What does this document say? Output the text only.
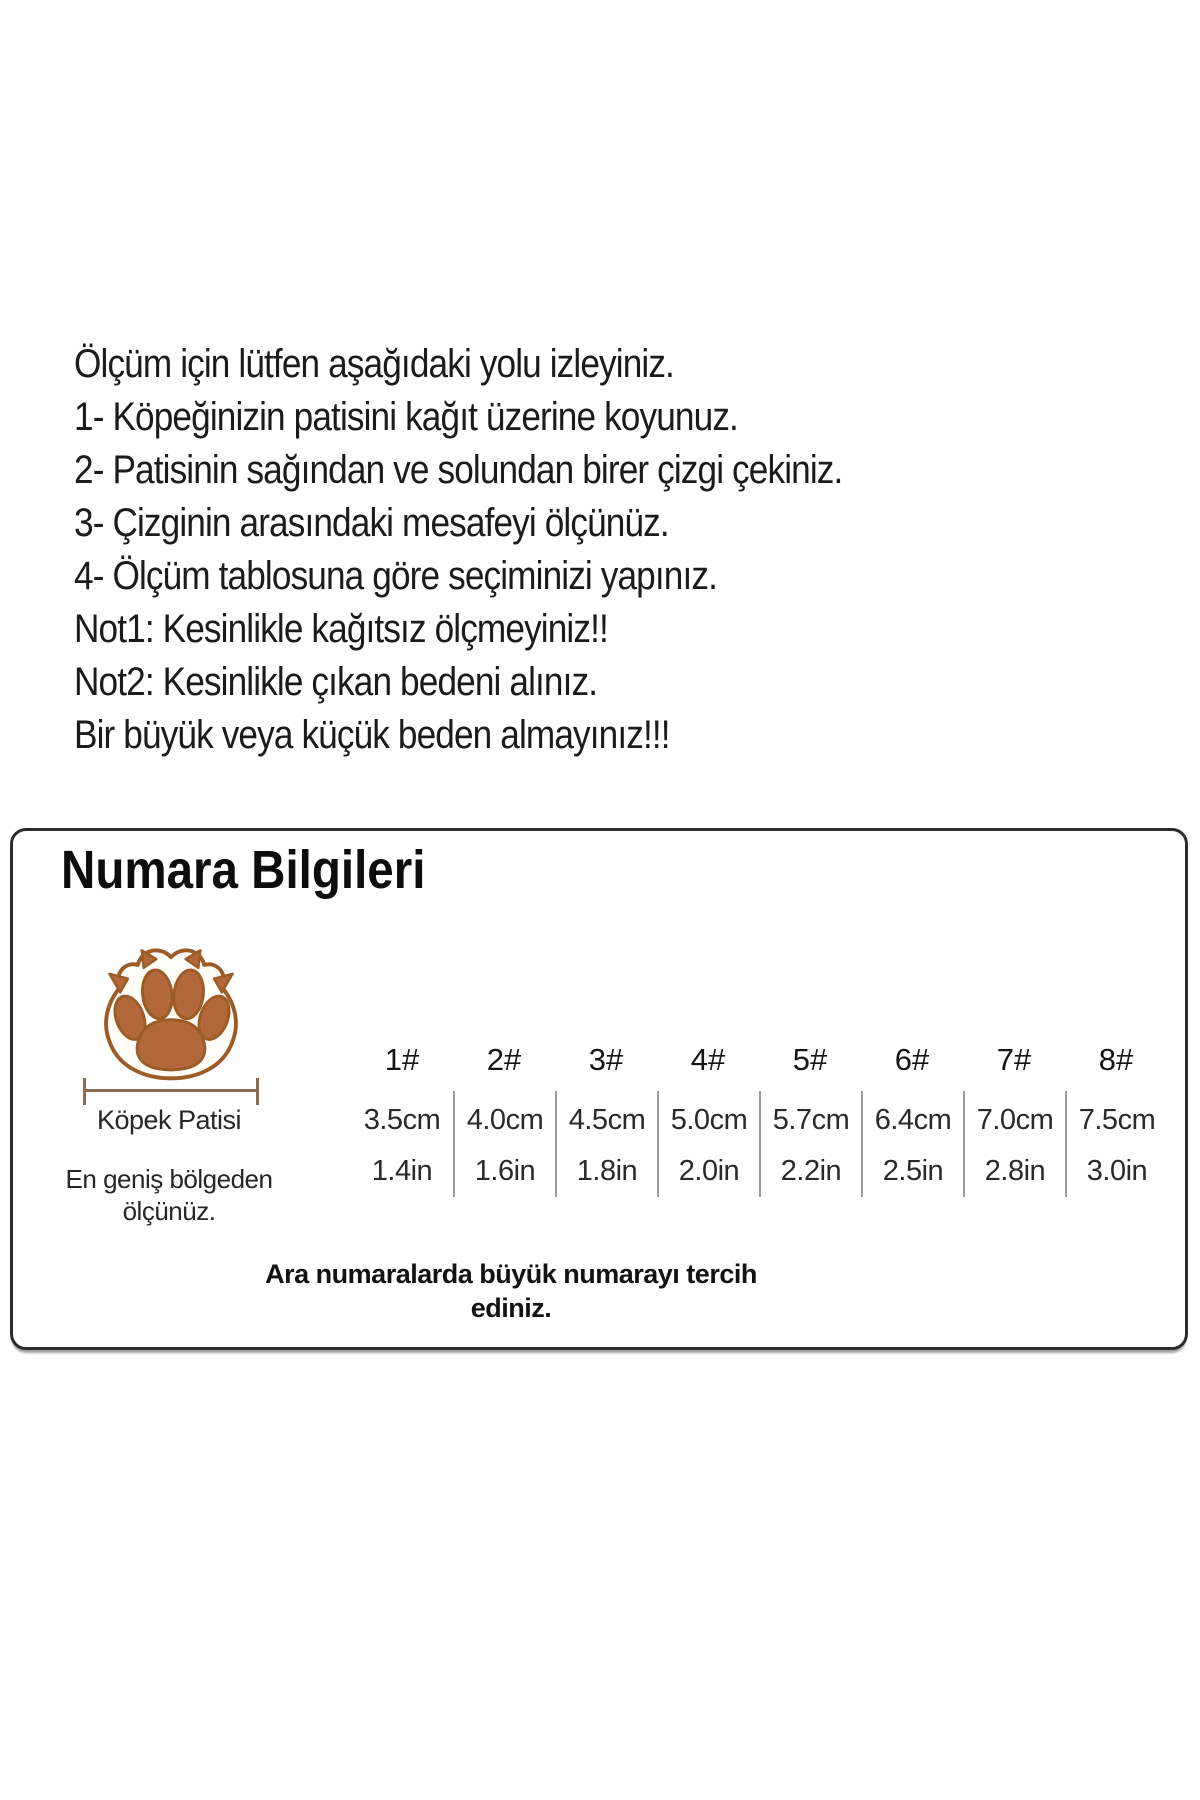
Ölçüm için lütfen aşağıdaki yolu izleyiniz.
1- Köpeğinizin patisini kağıt üzerine koyunuz.
2- Patisinin sağından ve solundan birer çizgi çekiniz.
3- Çizginin arasındaki mesafeyi ölçünüz.
4- Ölçüm tablosuna göre seçiminizi yapınız.
Not1: Kesinlikle kağıtsız ölçmeyiniz!!
Not2: Kesinlikle çıkan bedeni alınız.
Bir büyük veya küçük beden almayınız!!!
Numara Bilgileri
Köpek Patisi
En geniş bölgeden
ölçünüz.
1#
3.5cm
1.4in
2#
4.0cm
1.6in
3#
4.5cm
1.8in
4#
5.0cm
2.0in
5#
5.7cm
2.2in
6#
6.4cm
2.5in
7#
7.0cm
2.8in
8#
7.5cm
3.0in
Ara numaralarda büyük numarayı tercih
ediniz.
